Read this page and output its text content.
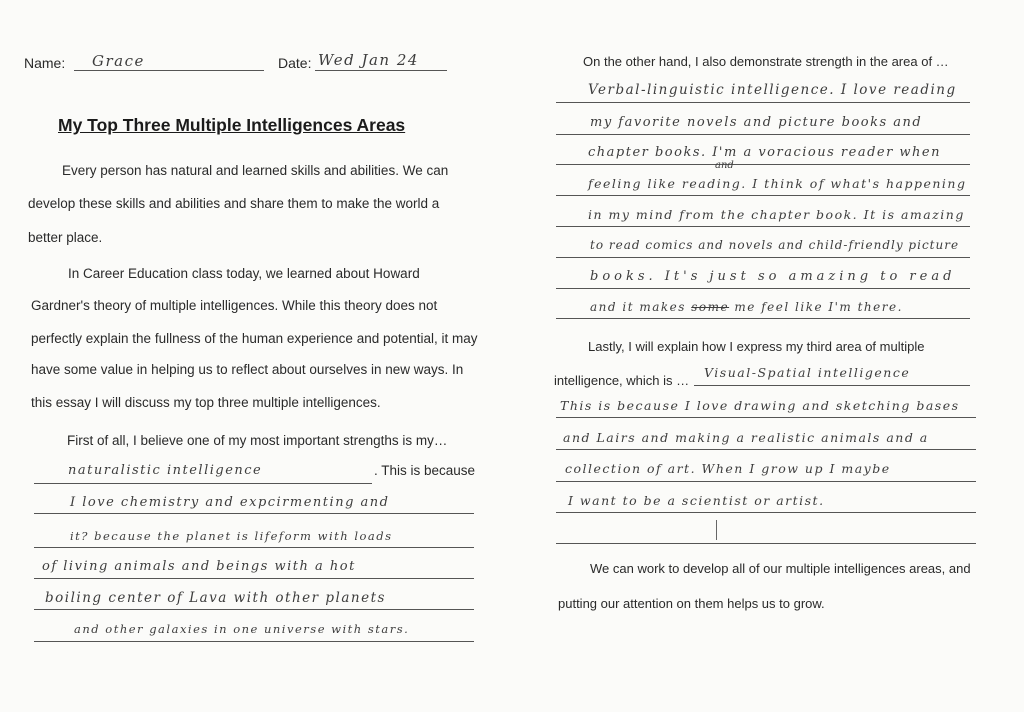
Name: Grace	Date: Wed Jan 24
My Top Three Multiple Intelligences Areas
Every person has natural and learned skills and abilities. We can
develop these skills and abilities and share them to make the world a
better place.
In Career Education class today, we learned about Howard
Gardner's theory of multiple intelligences. While this theory does not
perfectly explain the fullness of the human experience and potential, it may
have some value in helping us to reflect about ourselves in new ways. In
this essay I will discuss my top three multiple intelligences.
First of all, I believe one of my most important strengths is my…
naturalistic intelligence	. This is because
I love chemistry and expcirmenting and
it? because the planet is lifeform with loads
of living animals and beings with a hot
boiling center of Lava with other planets
and other galaxies in one universe with stars.
On the other hand, I also demonstrate strength in the area of …
Verbal-linguistic intelligence. I love reading
my favorite novels and picture books and
chapter books. I'm a voracious reader when
feeling like reading. I think of what's happening
and
in my mind from the chapter book. It is amazing
to read comics and novels and child-friendly picture
books. It's just so amazing to read
and it makes some me feel like I'm there.
Lastly, I will explain how I express my third area of multiple
intelligence, which is …
Visual-Spatial intelligence
This is because I love drawing and sketching bases
and Lairs and making a realistic animals and a
collection of art. When I grow up I maybe
I want to be a scientist or artist.
We can work to develop all of our multiple intelligences areas, and
putting our attention on them helps us to grow.
